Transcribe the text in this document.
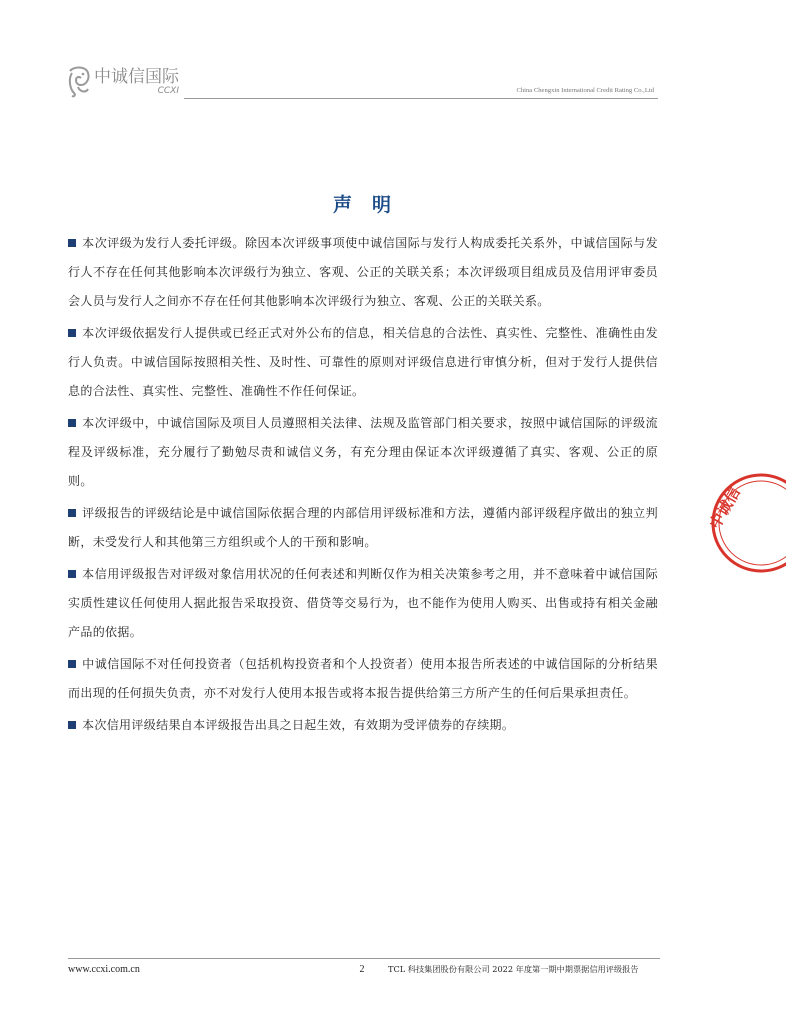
中诚信国际
CCXI	China Chengxin International Credit Rating Co.,Ltd
声明

本次评级为发行人委托评级。除因本次评级事项使中诚信国际与发行人构成委托关系外，中诚信国际与发行人不存在任何其他影响本次评级行为独立、客观、公正的关联关系；本次评级项目组成员及信用评审委员会人员与发行人之间亦不存在任何其他影响本次评级行为独立、客观、公正的关联关系。

本次评级依据发行人提供或已经正式对外公布的信息，相关信息的合法性、真实性、完整性、准确性由发行人负责。中诚信国际按照相关性、及时性、可靠性的原则对评级信息进行审慎分析，但对于发行人提供信息的合法性、真实性、完整性、准确性不作任何保证。

本次评级中，中诚信国际及项目人员遵照相关法律、法规及监管部门相关要求，按照中诚信国际的评级流程及评级标准，充分履行了勤勉尽责和诚信义务，有充分理由保证本次评级遵循了真实、客观、公正的原则。

评级报告的评级结论是中诚信国际依据合理的内部信用评级标准和方法，遵循内部评级程序做出的独立判断，未受发行人和其他第三方组织或个人的干预和影响。

本信用评级报告对评级对象信用状况的任何表述和判断仅作为相关决策参考之用，并不意味着中诚信国际实质性建议任何使用人据此报告采取投资、借贷等交易行为，也不能作为使用人购买、出售或持有相关金融产品的依据。

中诚信国际不对任何投资者（包括机构投资者和个人投资者）使用本报告所表述的中诚信国际的分析结果而出现的任何损失负责，亦不对发行人使用本报告或将本报告提供给第三方所产生的任何后果承担责任。

本次信用评级结果自本评级报告出具之日起生效，有效期为受评债券的存续期。

中诚信
www.ccxi.com.cn	2	TCL 科技集团股份有限公司 2022 年度第一期中期票据信用评级报告
